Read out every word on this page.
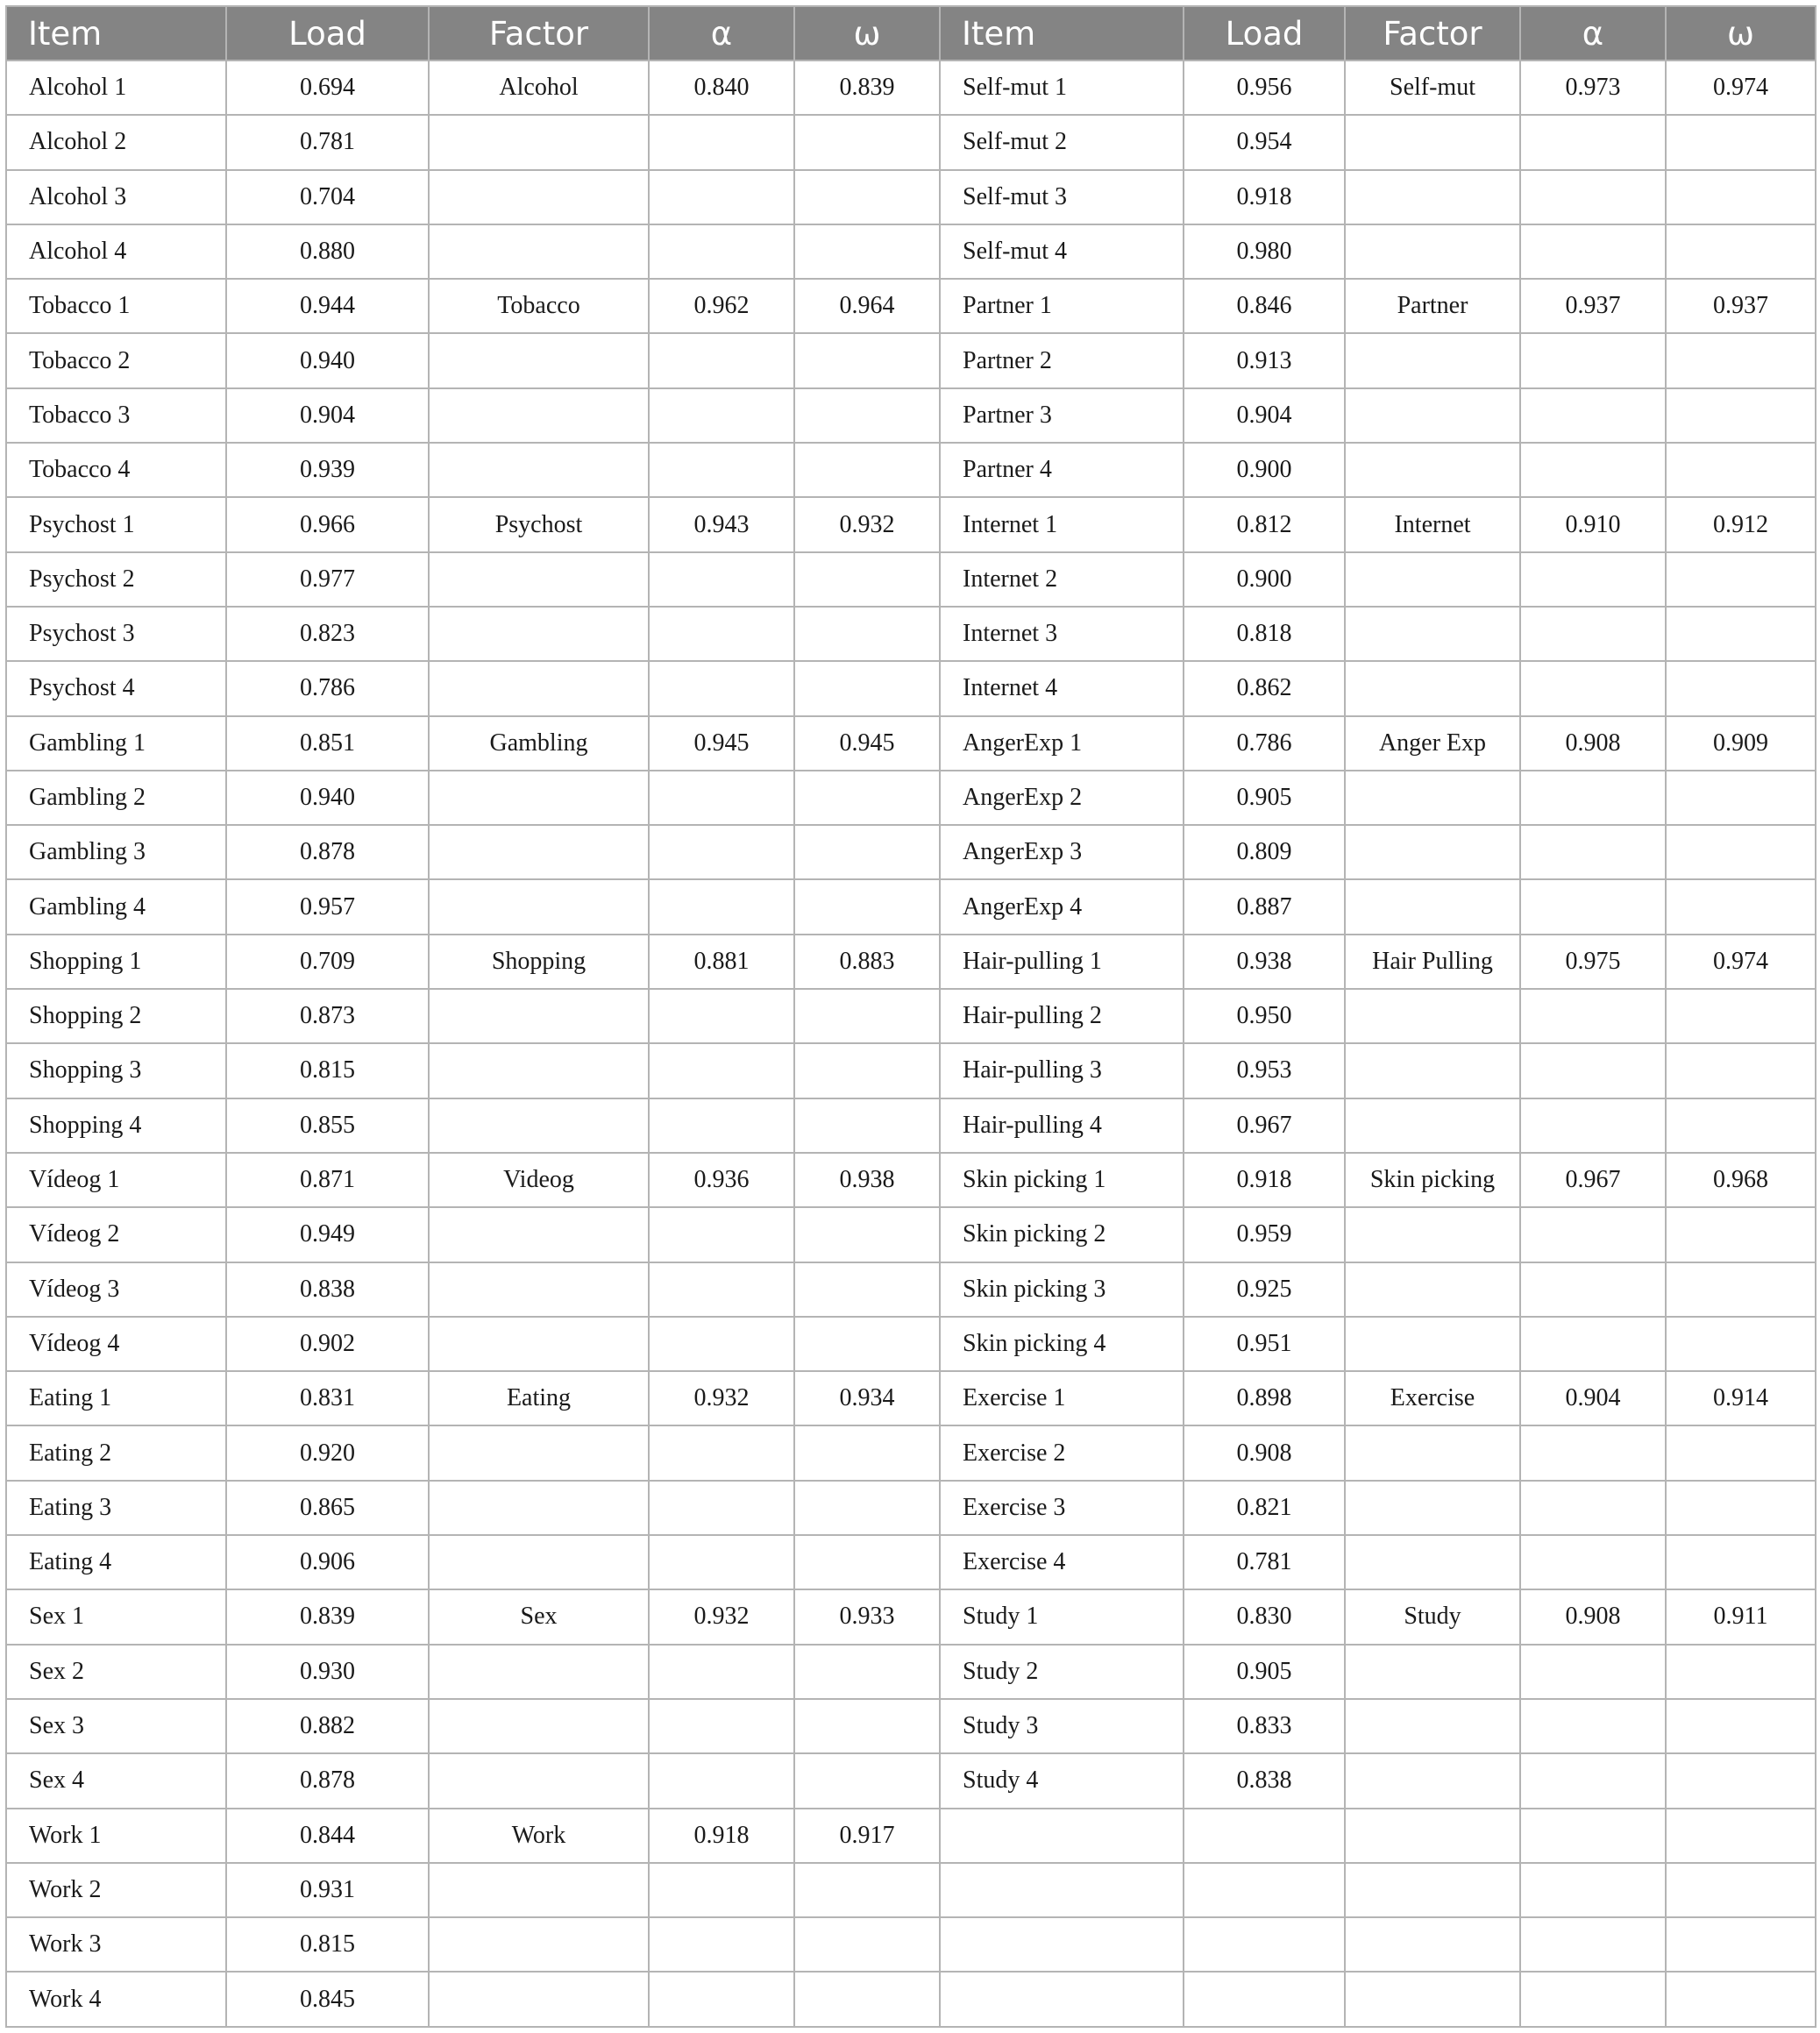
Item	Load	Factor	α	ω	Item	Load	Factor	α	ω
Alcohol 1	0.694	Alcohol	0.840	0.839	Self-mut 1	0.956	Self-mut	0.973	0.974
Alcohol 2	0.781				Self-mut 2	0.954			
Alcohol 3	0.704				Self-mut 3	0.918			
Alcohol 4	0.880				Self-mut 4	0.980			
Tobacco 1	0.944	Tobacco	0.962	0.964	Partner 1	0.846	Partner	0.937	0.937
Tobacco 2	0.940				Partner 2	0.913			
Tobacco 3	0.904				Partner 3	0.904			
Tobacco 4	0.939				Partner 4	0.900			
Psychost 1	0.966	Psychost	0.943	0.932	Internet 1	0.812	Internet	0.910	0.912
Psychost 2	0.977				Internet 2	0.900			
Psychost 3	0.823				Internet 3	0.818			
Psychost 4	0.786				Internet 4	0.862			
Gambling 1	0.851	Gambling	0.945	0.945	AngerExp 1	0.786	Anger Exp	0.908	0.909
Gambling 2	0.940				AngerExp 2	0.905			
Gambling 3	0.878				AngerExp 3	0.809			
Gambling 4	0.957				AngerExp 4	0.887			
Shopping 1	0.709	Shopping	0.881	0.883	Hair-pulling 1	0.938	Hair Pulling	0.975	0.974
Shopping 2	0.873				Hair-pulling 2	0.950			
Shopping 3	0.815				Hair-pulling 3	0.953			
Shopping 4	0.855				Hair-pulling 4	0.967			
Vídeog 1	0.871	Videog	0.936	0.938	Skin picking 1	0.918	Skin picking	0.967	0.968
Vídeog 2	0.949				Skin picking 2	0.959			
Vídeog 3	0.838				Skin picking 3	0.925			
Vídeog 4	0.902				Skin picking 4	0.951			
Eating 1	0.831	Eating	0.932	0.934	Exercise 1	0.898	Exercise	0.904	0.914
Eating 2	0.920				Exercise 2	0.908			
Eating 3	0.865				Exercise 3	0.821			
Eating 4	0.906				Exercise 4	0.781			
Sex 1	0.839	Sex	0.932	0.933	Study 1	0.830	Study	0.908	0.911
Sex 2	0.930				Study 2	0.905			
Sex 3	0.882				Study 3	0.833			
Sex 4	0.878				Study 4	0.838			
Work 1	0.844	Work	0.918	0.917					
Work 2	0.931								
Work 3	0.815								
Work 4	0.845								
